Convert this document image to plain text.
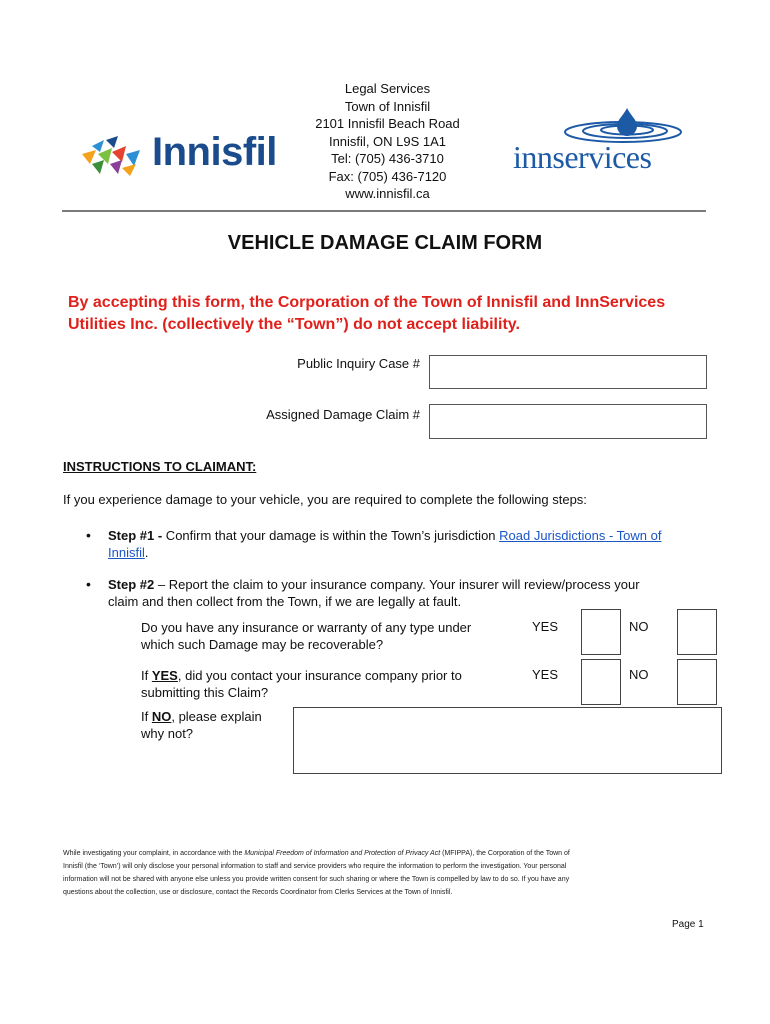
Innisfil
Legal Services
Town of Innisfil
2101 Innisfil Beach Road
Innisfil, ON L9S 1A1
Tel: (705) 436-3710
Fax: (705) 436-7120
www.innisfil.ca
innservices
VEHICLE DAMAGE CLAIM FORM
By accepting this form, the Corporation of the Town of Innisfil and InnServices Utilities Inc. (collectively the “Town”) do not accept liability.
Public Inquiry Case #
Assigned Damage Claim #
INSTRUCTIONS TO CLAIMANT:
If you experience damage to your vehicle, you are required to complete the following steps:
• Step #1 - Confirm that your damage is within the Town’s jurisdiction Road Jurisdictions - Town of
Innisfil.
• Step #2 – Report the claim to your insurance company. Your insurer will review/process your
claim and then collect from the Town, if we are legally at fault.
Do you have any insurance or warranty of any type under
which such Damage may be recoverable?
YES	NO
If YES, did you contact your insurance company prior to
submitting this Claim?
YES	NO
If NO, please explain
why not?
While investigating your complaint, in accordance with the Municipal Freedom of Information and Protection of Privacy Act (MFIPPA), the Corporation of the Town of
Innisfil (the ‘Town’) will only disclose your personal information to staff and service providers who require the information to perform the investigation. Your personal
information will not be shared with anyone else unless you provide written consent for such sharing or where the Town is compelled by law to do so. If you have any
questions about the collection, use or disclosure, contact the Records Coordinator from Clerks Services at the Town of Innisfil.
Page 1
